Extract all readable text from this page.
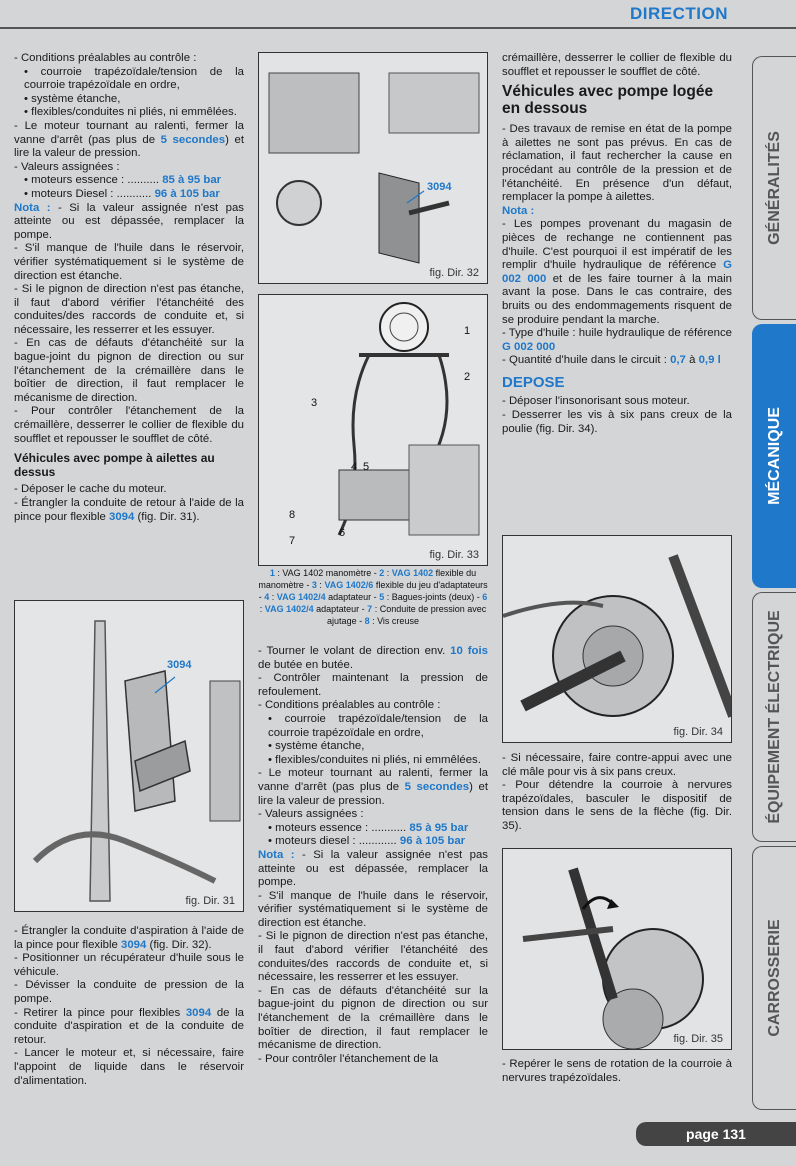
DIRECTION

- Conditions préalables au contrôle :

• courroie trapézoïdale/tension de la courroie trapézoïdale en ordre,

• système étanche,

• flexibles/conduites ni pliés, ni emmêlées.

- Le moteur tournant au ralenti, fermer la vanne d'arrêt (pas plus de 5 secondes) et lire la valeur de pression.

- Valeurs assignées :

• moteurs essence : .......... 85 à 95 bar

• moteurs Diesel : ........... 96 à 105 bar

Nota : - Si la valeur assignée n'est pas atteinte ou est dépassée, remplacer la pompe.

- S'il manque de l'huile dans le réservoir, vérifier systématiquement si le système de direction est étanche.

- Si le pignon de direction n'est pas étanche, il faut d'abord vérifier l'étanchéité des conduites/des raccords de conduite et, si nécessaire, les resserrer et les essuyer.

- En cas de défauts d'étanchéité sur la bague-joint du pignon de direction ou sur l'étanchement de la crémaillère dans le boîtier de direction, il faut remplacer le mécanisme de direction.

- Pour contrôler l'étanchement de la crémaillère, desserrer le collier de flexible du soufflet et repousser le soufflet de côté.

Véhicules avec pompe à ailettes au dessus

- Déposer le cache du moteur.

- Étrangler la conduite de retour à l'aide de la pince pour flexible 3094 (fig. Dir. 31).

3094
fig. Dir. 31

- Étrangler la conduite d'aspiration à l'aide de la pince pour flexible 3094 (fig. Dir. 32).

- Positionner un récupérateur d'huile sous le véhicule.

- Dévisser la conduite de pression de la pompe.

- Retirer la pince pour flexibles 3094 de la conduite d'aspiration et de la conduite de retour.

- Lancer le moteur et, si nécessaire, faire l'appoint de liquide dans le réservoir d'alimentation.

3094
fig. Dir. 32
1
2
3
4 5
6
7
8
fig. Dir. 33
1 : VAG 1402 manomètre - 2 : VAG 1402 flexible du manomètre - 3 : VAG 1402/6 flexible du jeu d'adaptateurs - 4 : VAG 1402/4 adaptateur - 5 : Bagues-joints (deux) - 6 : VAG 1402/4 adaptateur - 7 : Conduite de pression avec ajutage - 8 : Vis creuse

- Tourner le volant de direction env. 10 fois de butée en butée.

- Contrôler maintenant la pression de refoulement.

- Conditions préalables au contrôle :

• courroie trapézoïdale/tension de la courroie trapézoïdale en ordre,

• système étanche,

• flexibles/conduites ni pliés, ni emmêlées.

- Le moteur tournant au ralenti, fermer la vanne d'arrêt (pas plus de 5 secondes) et lire la valeur de pression.

- Valeurs assignées :

• moteurs essence : ........... 85 à 95 bar

• moteurs diesel : ............ 96 à 105 bar

Nota : - Si la valeur assignée n'est pas atteinte ou est dépassée, remplacer la pompe.

- S'il manque de l'huile dans le réservoir, vérifier systématiquement si le système de direction est étanche.

- Si le pignon de direction n'est pas étanche, il faut d'abord vérifier l'étanchéité des conduites/des raccords de conduite et, si nécessaire, les resserrer et les essuyer.

- En cas de défauts d'étanchéité sur la bague-joint du pignon de direction ou sur l'étanchement de la crémaillère dans le boîtier de direction, il faut remplacer le mécanisme de direction.

- Pour contrôler l'étanchement de la

crémaillère, desserrer le collier de flexible du soufflet et repousser le soufflet de côté.

Véhicules avec pompe logée en dessous

- Des travaux de remise en état de la pompe à ailettes ne sont pas prévus. En cas de réclamation, il faut rechercher la cause en procédant au contrôle de la pression et de l'étanchéité. En présence d'un défaut, remplacer la pompe à ailettes.

Nota :

- Les pompes provenant du magasin de pièces de rechange ne contiennent pas d'huile. C'est pourquoi il est impératif de les remplir d'huile hydraulique de référence G 002 000 et de les faire tourner à la main avant la pose. Dans le cas contraire, des bruits ou des endommagements risquent de se produire pendant la marche.

- Type d'huile : huile hydraulique de référence G 002 000

- Quantité d'huile dans le circuit : 0,7 à 0,9 l

DEPOSE

- Déposer l'insonorisant sous moteur.

- Desserrer les vis à six pans creux de la poulie (fig. Dir. 34).

fig. Dir. 34

- Si nécessaire, faire contre-appui avec une clé mâle pour vis à six pans creux.

- Pour détendre la courroie à nervures trapézoïdales, basculer le dispositif de tension dans le sens de la flèche (fig. Dir. 35).

fig. Dir. 35

- Repérer le sens de rotation de la courroie à nervures trapézoïdales.

GÉNÉRALITÉS
MÉCANIQUE
ÉQUIPEMENT ÉLECTRIQUE
CARROSSERIE
page 131
